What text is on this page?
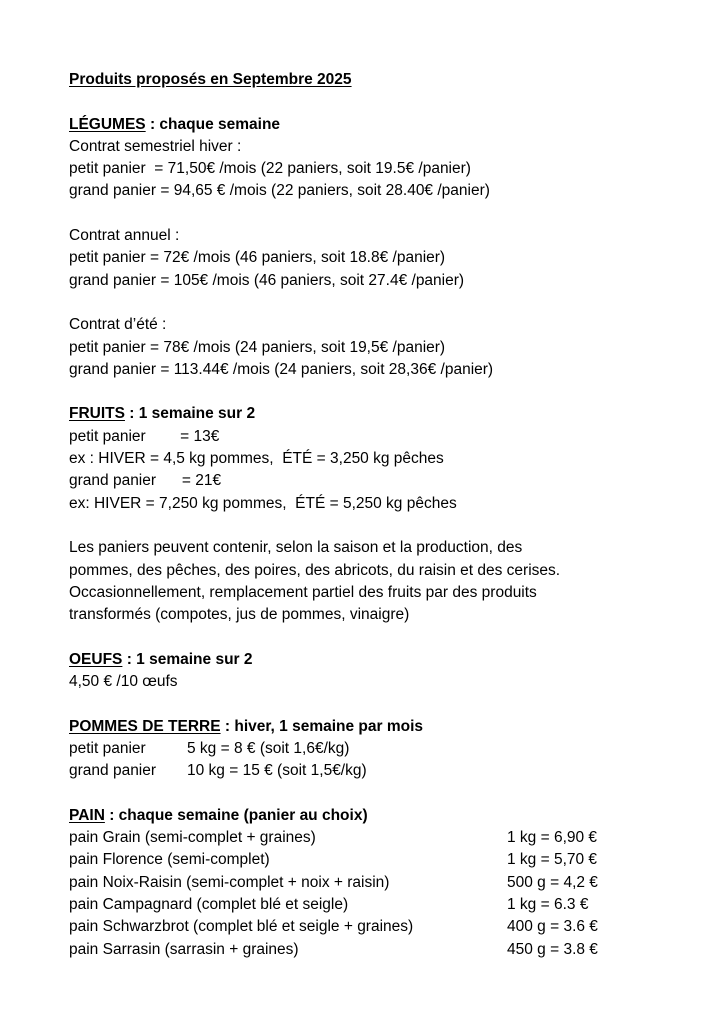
Produits proposés en Septembre 2025
LÉGUMES : chaque semaine
Contrat semestriel hiver :
petit panier  = 71,50€ /mois (22 paniers, soit 19.5€ /panier)
grand panier = 94,65 € /mois (22 paniers, soit 28.40€ /panier)
Contrat annuel :
petit panier = 72€ /mois (46 paniers, soit 18.8€ /panier)
grand panier = 105€ /mois (46 paniers, soit 27.4€ /panier)
Contrat d’été :
petit panier = 78€ /mois (24 paniers, soit 19,5€ /panier)
grand panier = 113.44€ /mois (24 paniers, soit 28,36€ /panier)
FRUITS : 1 semaine sur 2
petit panier        = 13€
ex : HIVER = 4,5 kg pommes,  ÉTÉ = 3,250 kg pêches
grand panier      = 21€
ex: HIVER = 7,250 kg pommes,  ÉTÉ = 5,250 kg pêches
Les paniers peuvent contenir, selon la saison et la production, des
pommes, des pêches, des poires, des abricots, du raisin et des cerises.
Occasionnellement, remplacement partiel des fruits par des produits
transformés (compotes, jus de pommes, vinaigre)
OEUFS : 1 semaine sur 2
4,50 € /10 œufs
POMMES DE TERRE : hiver, 1 semaine par mois
petit panier	5 kg = 8 € (soit 1,6€/kg)
grand panier	10 kg = 15 € (soit 1,5€/kg)
PAIN : chaque semaine (panier au choix)
pain Grain (semi-complet + graines)	1 kg = 6,90 €
pain Florence (semi-complet)	1 kg = 5,70 €
pain Noix-Raisin (semi-complet + noix + raisin)	500 g = 4,2 €
pain Campagnard (complet blé et seigle)	1 kg = 6.3 €
pain Schwarzbrot (complet blé et seigle + graines)	400 g = 3.6 €
pain Sarrasin (sarrasin + graines)	450 g = 3.8 €
